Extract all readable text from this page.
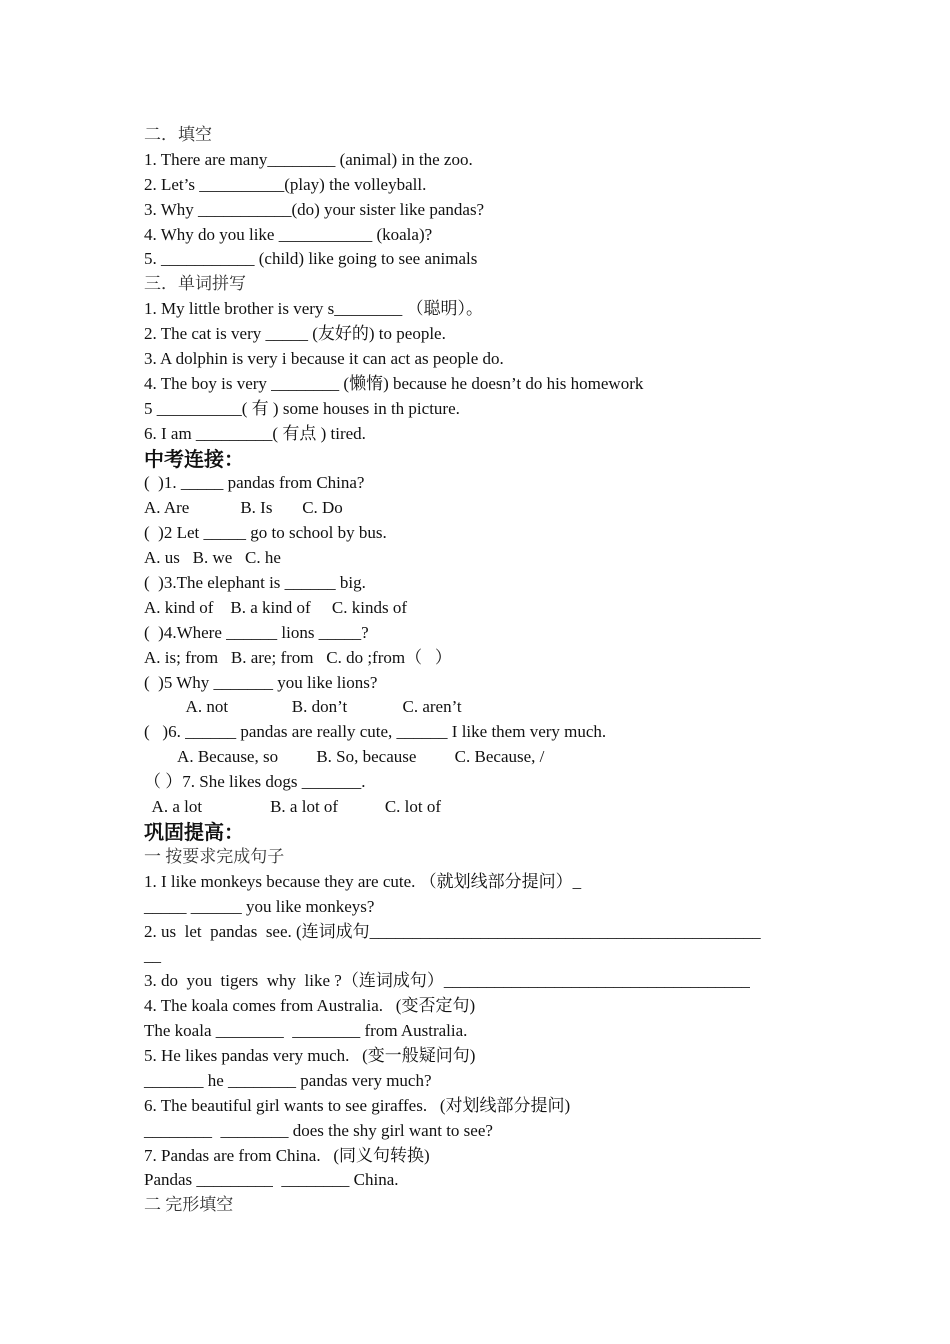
二．填空
1. There are many________ (animal) in the zoo.
2. Let’s __________(play) the volleyball.
3. Why ___________(do) your sister like pandas?
4. Why do you like ___________ (koala)?
5. ___________ (child) like going to see animals
三．单词拼写
1. My little brother is very s________ （聪明）。
2. The cat is very _____ (友好的) to people.
3. A dolphin is very i because it can act as people do.
4. The boy is very ________ (懒惰) because he doesn’t do his homework
5 __________( 有 ) some houses in th picture.
6. I am _________( 有点 ) tired.
中考连接：
(  )1. _____ pandas from China?
A. Are            B. Is       C. Do
(  )2 Let _____ go to school by bus.
A. us   B. we   C. he
(  )3.The elephant is ______ big.
A. kind of    B. a kind of     C. kinds of
(  )4.Where ______ lions _____?
A. is; from   B. are; from   C. do ;from（   ）
(  )5 Why _______ you like lions?
A. not               B. don’t             C. aren’t
(   )6. ______ pandas are really cute, ______ I like them very much.
A. Because, so         B. So, because         C. Because, /
（ ）7. She likes dogs _______.
A. a lot                B. a lot of           C. lot of
巩固提高：
一 按要求完成句子
1. I like monkeys because they are cute. （就划线部分提问）_
_____ ______ you like monkeys?
2. us  let  pandas  see. (连词成句______________________________________________
__
3. do  you  tigers  why  like ?（连词成句）____________________________________
4. The koala comes from Australia.   (变否定句)
The koala ________  ________ from Australia.
5. He likes pandas very much.   (变一般疑问句)
_______ he ________ pandas very much?
6. The beautiful girl wants to see giraffes.   (对划线部分提问)
________  ________ does the shy girl want to see?
7. Pandas are from China.   (同义句转换)
Pandas _________  ________ China.
二 完形填空
